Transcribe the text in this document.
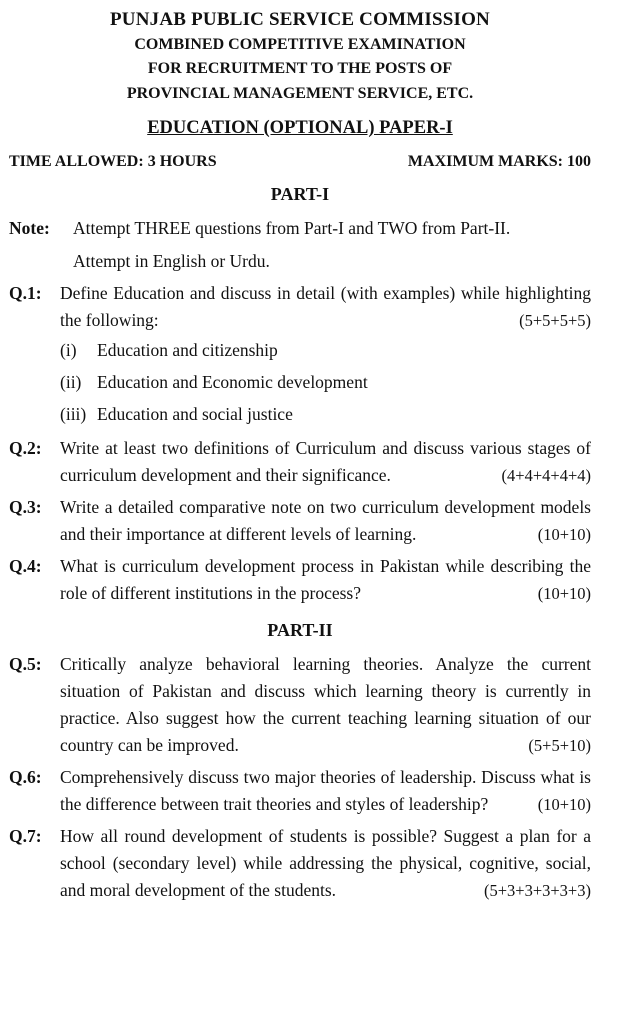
PUNJAB PUBLIC SERVICE COMMISSION
COMBINED COMPETITIVE EXAMINATION
FOR RECRUITMENT TO THE POSTS OF
PROVINCIAL MANAGEMENT SERVICE, ETC.
EDUCATION (OPTIONAL) PAPER-I
TIME ALLOWED: 3 HOURS	MAXIMUM MARKS: 100
PART-I
Note:	Attempt THREE questions from Part-I and TWO from Part-II.
Attempt in English or Urdu.
Q.1:	Define Education and discuss in detail (with examples) while highlighting the following:	(5+5+5+5)
(i)	Education and citizenship
(ii) Education and Economic development
(iii) Education and social justice
Q.2:	Write at least two definitions of Curriculum and discuss various stages of curriculum development and their significance.	(4+4+4+4+4)
Q.3:	Write a detailed comparative note on two curriculum development models and their importance at different levels of learning.	(10+10)
Q.4:	What is curriculum development process in Pakistan while describing the role of different institutions in the process?	(10+10)
PART-II
Q.5:	Critically analyze behavioral learning theories. Analyze the current situation of Pakistan and discuss which learning theory is currently in practice. Also suggest how the current teaching learning situation of our country can be improved.	(5+5+10)
Q.6:	Comprehensively discuss two major theories of leadership. Discuss what is the difference between trait theories and styles of leadership?	(10+10)
Q.7:	How all round development of students is possible? Suggest a plan for a school (secondary level) while addressing the physical, cognitive, social, and moral development of the students.	(5+3+3+3+3+3)
